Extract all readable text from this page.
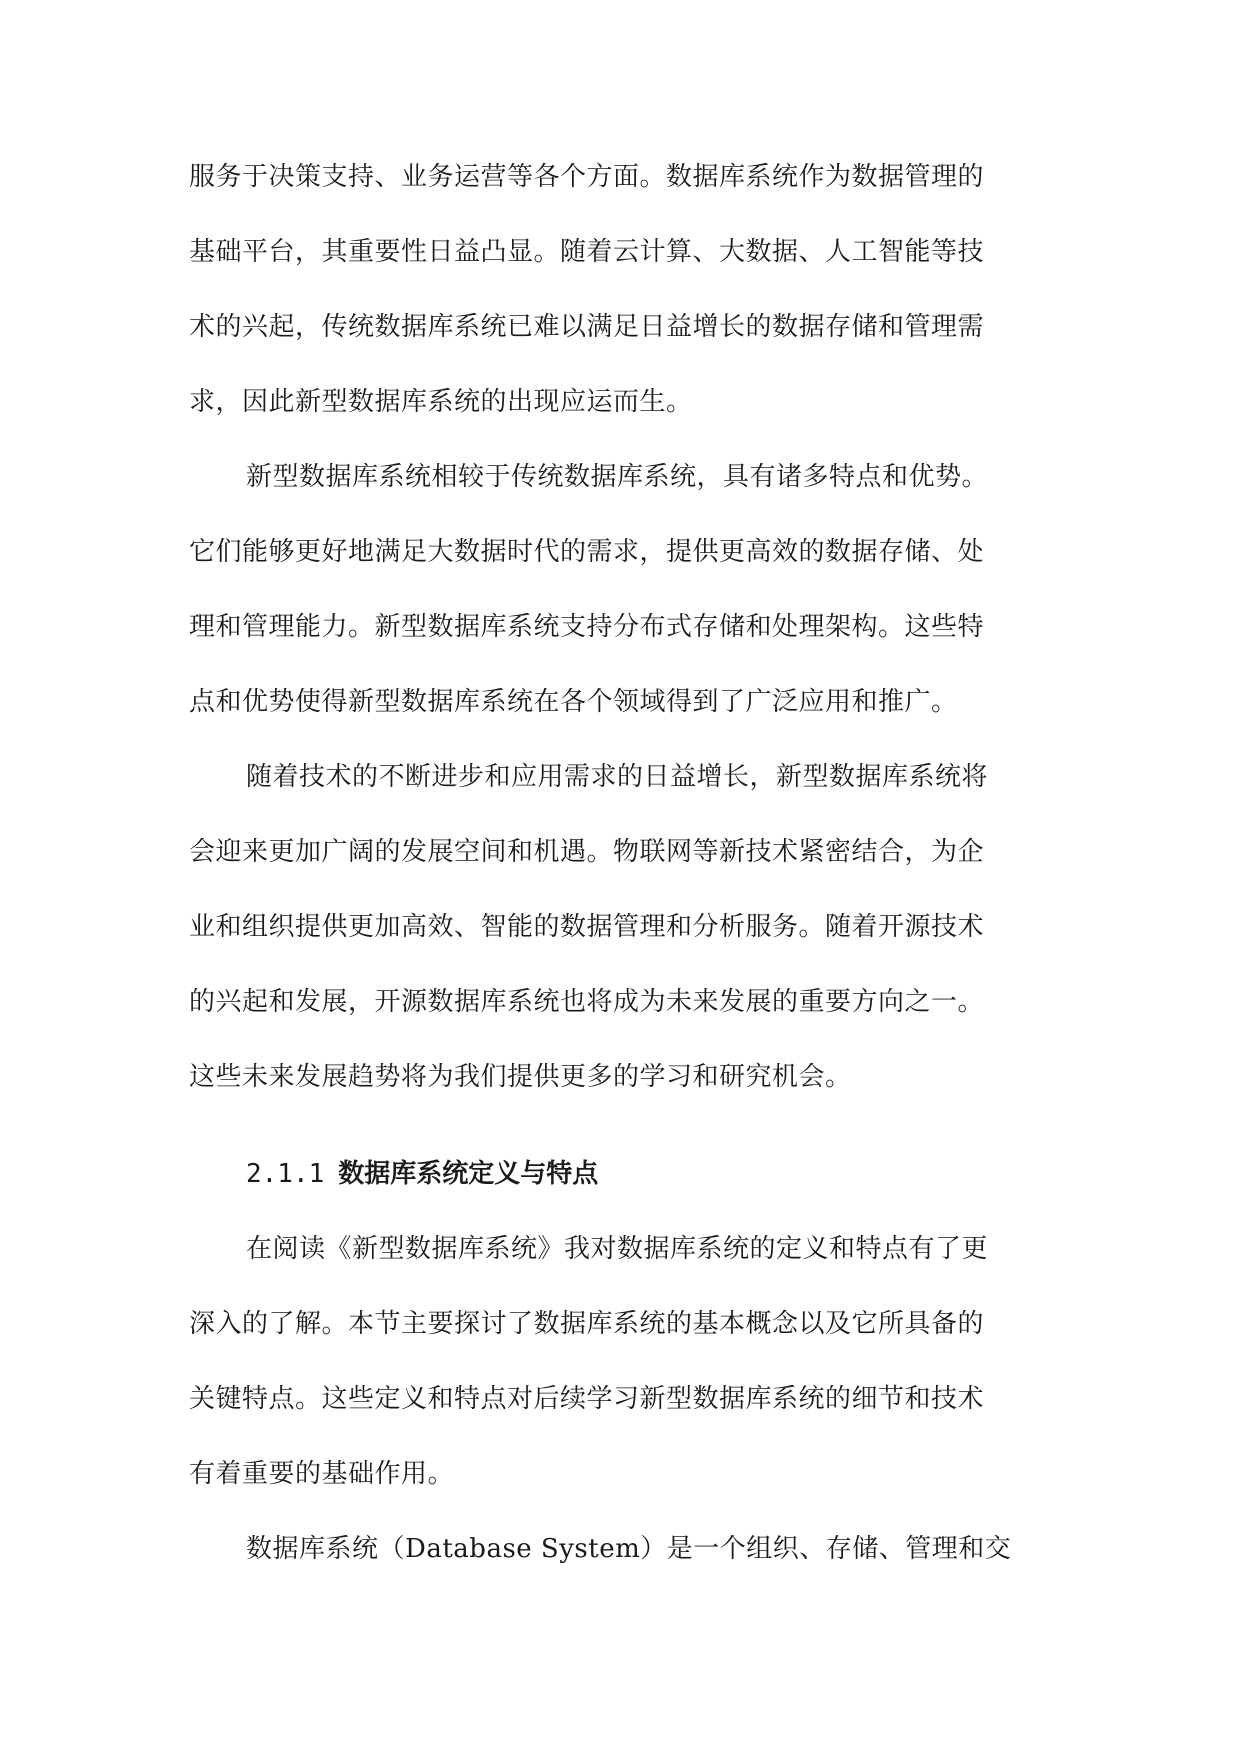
服务于决策支持、业务运营等各个方面。数据库系统作为数据管理的
基础平台，其重要性日益凸显。随着云计算、大数据、人工智能等技
术的兴起，传统数据库系统已难以满足日益增长的数据存储和管理需
求，因此新型数据库系统的出现应运而生。
新型数据库系统相较于传统数据库系统，具有诸多特点和优势。
它们能够更好地满足大数据时代的需求，提供更高效的数据存储、处
理和管理能力。新型数据库系统支持分布式存储和处理架构。这些特
点和优势使得新型数据库系统在各个领域得到了广泛应用和推广。
随着技术的不断进步和应用需求的日益增长，新型数据库系统将
会迎来更加广阔的发展空间和机遇。物联网等新技术紧密结合，为企
业和组织提供更加高效、智能的数据管理和分析服务。随着开源技术
的兴起和发展，开源数据库系统也将成为未来发展的重要方向之一。
这些未来发展趋势将为我们提供更多的学习和研究机会。
2.1.1 数据库系统定义与特点
在阅读《新型数据库系统》我对数据库系统的定义和特点有了更
深入的了解。本节主要探讨了数据库系统的基本概念以及它所具备的
关键特点。这些定义和特点对后续学习新型数据库系统的细节和技术
有着重要的基础作用。
数据库系统（Database System）是一个组织、存储、管理和交
